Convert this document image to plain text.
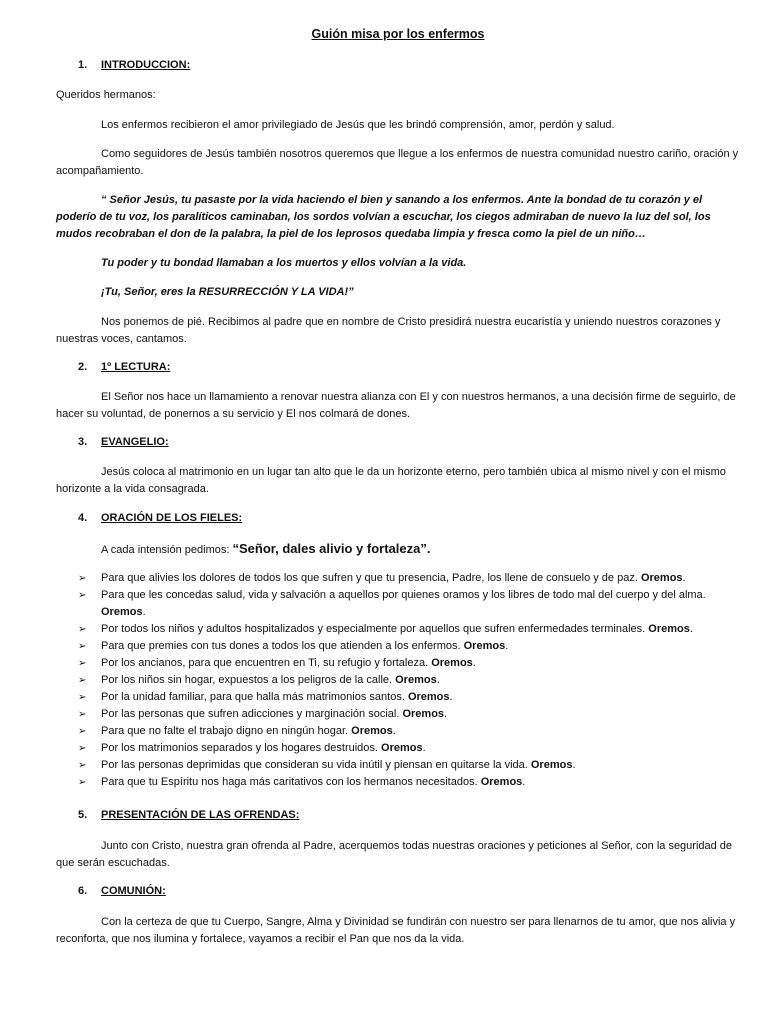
Guión misa por los enfermos
1. INTRODUCCION:
Queridos hermanos:
Los enfermos recibieron el amor privilegiado de Jesús que les brindó comprensión, amor, perdón y salud.
Como seguidores de Jesús también nosotros queremos que llegue a los enfermos de nuestra comunidad nuestro cariño, oración y acompañamiento.
“ Señor Jesús, tu pasaste por la vida haciendo el bien y sanando a los enfermos. Ante la bondad de tu corazón y el poderío de tu voz, los paralíticos caminaban, los sordos volvían a escuchar, los ciegos admiraban de nuevo la luz del sol, los mudos recobraban el don de la palabra, la piel de los leprosos quedaba limpia y fresca como la piel de un niño…
Tu poder y tu bondad llamaban a los muertos y ellos volvían a la vida.
¡Tu, Señor, eres la RESURRECCIÓN Y LA VIDA!”
Nos ponemos de pié. Recibimos al padre que en nombre de Cristo presidirá nuestra eucaristía y uniendo nuestros corazones y nuestras voces, cantamos.
2. 1º LECTURA:
El Señor nos hace un llamamiento a renovar nuestra alianza con El y con nuestros hermanos, a una decisión firme de seguirlo, de hacer su voluntad, de ponernos a su servicio y El nos colmará de dones.
3. EVANGELIO:
Jesús coloca al matrimonio en un lugar tan alto que le da un horizonte eterno, pero también ubica al mismo nivel y con el mismo horizonte a la vida consagrada.
4. ORACIÓN DE LOS FIELES:
A cada intensión pedimos: “Señor, dales alivio y fortaleza”.
➢ Para que alivies los dolores de todos los que sufren y que tu presencia, Padre, los llene de consuelo y de paz. Oremos.
➢ Para que les concedas salud, vida y salvación a aquellos por quienes oramos y los libres de todo mal del cuerpo y del alma. Oremos.
➢ Por todos los niños y adultos hospitalizados y especialmente por aquellos que sufren enfermedades terminales. Oremos.
➢ Para que premies con tus dones a todos los que atienden a los enfermos. Oremos.
➢ Por los ancianos, para que encuentren en Ti, su refugio y fortaleza. Oremos.
➢ Por los niños sin hogar, expuestos a los peligros de la calle. Oremos.
➢ Por la unidad familiar, para que halla más matrimonios santos. Oremos.
➢ Por las personas que sufren adicciones y marginación social. Oremos.
➢ Para que no falte el trabajo digno en ningún hogar. Oremos.
➢ Por los matrimonios separados y los hogares destruidos. Oremos.
➢ Por las personas deprimidas que consideran su vida inútil y piensan en quitarse la vida. Oremos.
➢ Para que tu Espíritu nos haga más caritativos con los hermanos necesitados. Oremos.
5. PRESENTACIÓN DE LAS OFRENDAS:
Junto con Cristo, nuestra gran ofrenda al Padre, acerquemos todas nuestras oraciones y peticiones al Señor, con la seguridad de que serán escuchadas.
6. COMUNIÓN:
Con la certeza de que tu Cuerpo, Sangre, Alma y Divinidad se fundirán con nuestro ser para llenarnos de tu amor, que nos alivia y reconforta, que nos ilumina y fortalece, vayamos a recibir el Pan que nos da la vida.
